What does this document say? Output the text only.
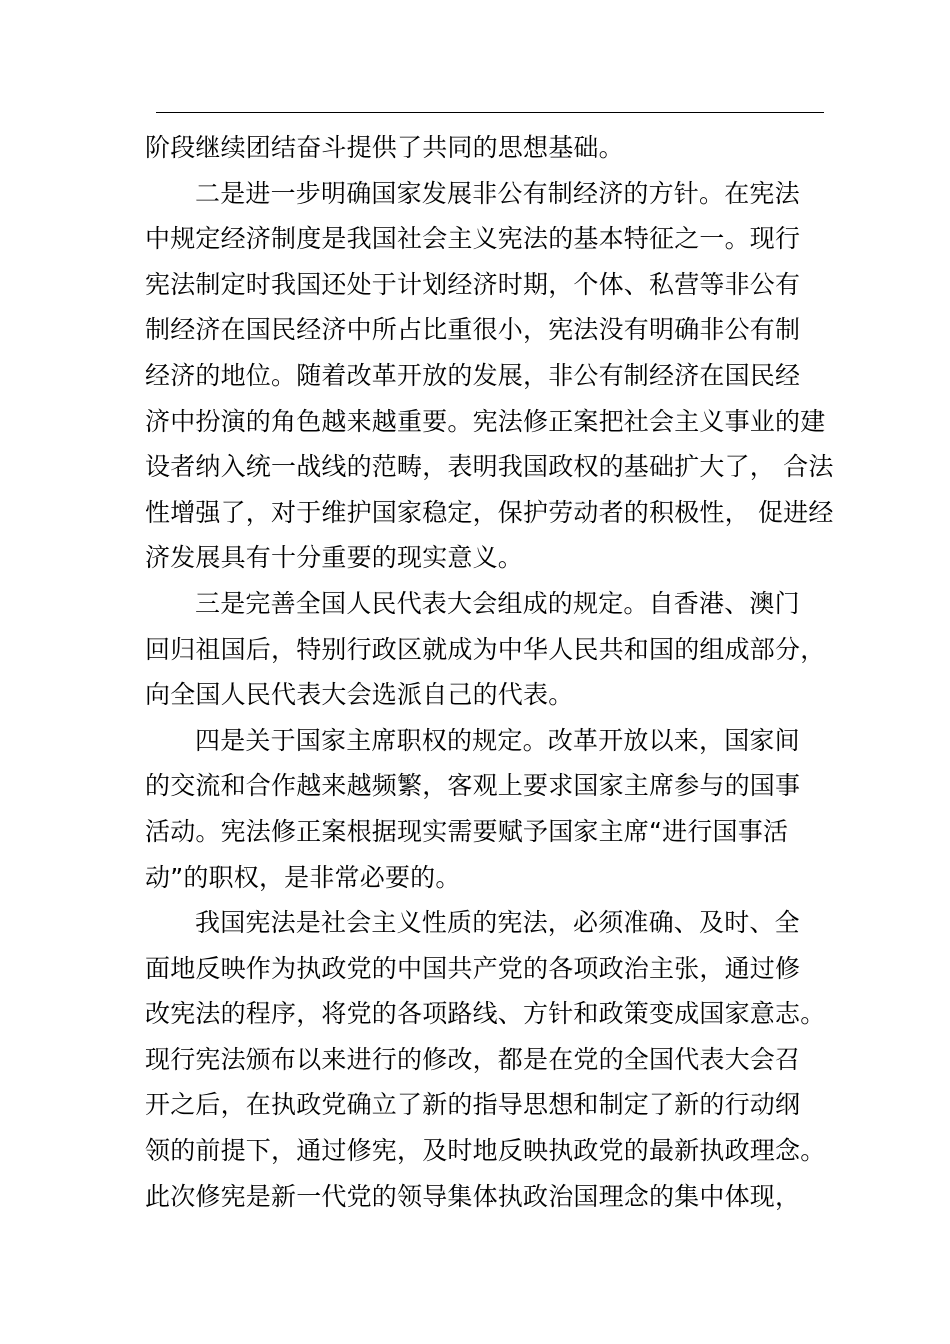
阶段继续团结奋斗提供了共同的思想基础。
二是进一步明确国家发展非公有制经济的方针。在宪法
中规定经济制度是我国社会主义宪法的基本特征之一。现行
宪法制定时我国还处于计划经济时期，个体、私营等非公有
制经济在国民经济中所占比重很小，宪法没有明确非公有制
经济的地位。随着改革开放的发展，非公有制经济在国民经
济中扮演的角色越来越重要。宪法修正案把社会主义事业的建
设者纳入统一战线的范畴，表明我国政权的基础扩大了， 合法
性增强了，对于维护国家稳定，保护劳动者的积极性， 促进经
济发展具有十分重要的现实意义。
三是完善全国人民代表大会组成的规定。自香港、澳门
回归祖国后，特别行政区就成为中华人民共和国的组成部分，
向全国人民代表大会选派自己的代表。
四是关于国家主席职权的规定。改革开放以来，国家间
的交流和合作越来越频繁，客观上要求国家主席参与的国事
活动。宪法修正案根据现实需要赋予国家主席“进行国事活
动”的职权，是非常必要的。
我国宪法是社会主义性质的宪法，必须准确、及时、全
面地反映作为执政党的中国共产党的各项政治主张，通过修
改宪法的程序，将党的各项路线、方针和政策变成国家意志。
现行宪法颁布以来进行的修改，都是在党的全国代表大会召
开之后，在执政党确立了新的指导思想和制定了新的行动纲
领的前提下，通过修宪，及时地反映执政党的最新执政理念。
此次修宪是新一代党的领导集体执政治国理念的集中体现，
